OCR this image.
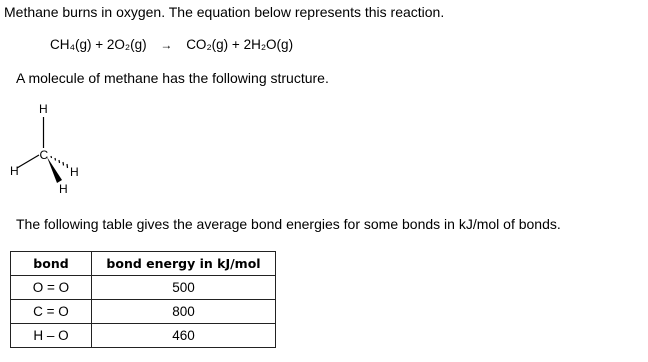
Methane burns in oxygen. The equation below represents this reaction.
CH₄(g) + 2O₂(g) → CO₂(g) + 2H₂O(g)
A molecule of methane has the following structure.
H
C
H
H
H
The following table gives the average bond energies for some bonds in kJ/mol of bonds.
bond	bond energy in kJ/mol
O = O	500
C = O	800
H – O	460
